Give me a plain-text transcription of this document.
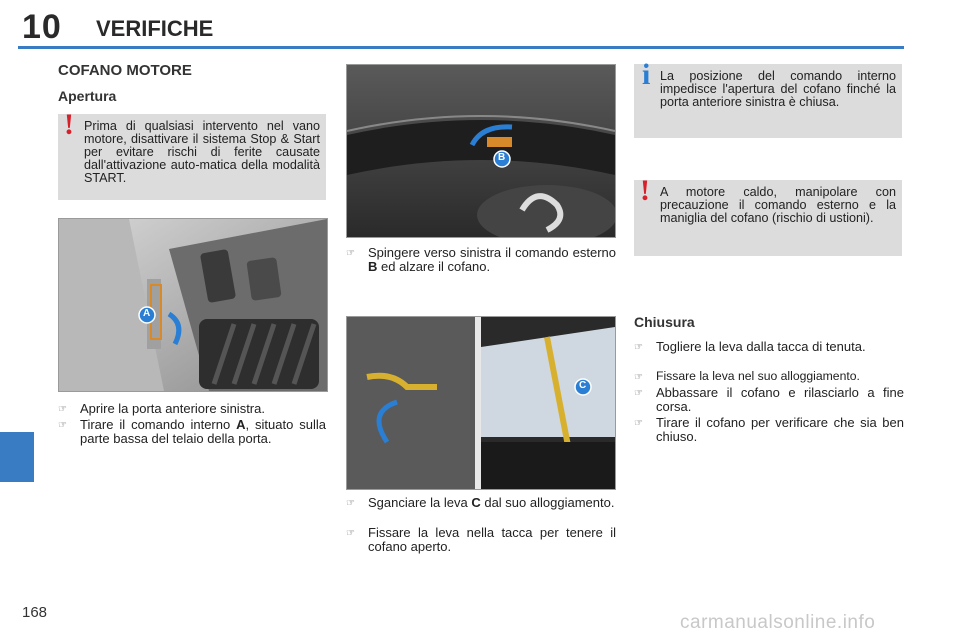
10 VERIFICHE
COFANO MOTORE
Apertura
! Prima di qualsiasi intervento nel vano motore, disattivare il sistema Stop & Start per evitare rischi di ferite causate dall'attivazione auto-matica della modalità START.
A
☞	Aprire la porta anteriore sinistra.
☞	Tirare il comando interno A, situato sulla parte bassa del telaio della porta.
B
☞	Spingere verso sinistra il comando esterno B ed alzare il cofano.
C
☞	Sganciare la leva C dal suo alloggiamento.
☞	Fissare la leva nella tacca per tenere il cofano aperto.
i La posizione del comando interno impedisce l'apertura del cofano finché la porta anteriore sinistra è chiusa.
! A motore caldo, manipolare con precauzione il comando esterno e la maniglia del cofano (rischio di ustioni).
Chiusura
☞	Togliere la leva dalla tacca di tenuta.
☞	Fissare la leva nel suo alloggiamento.
☞	Abbassare il cofano e rilasciarlo a fine corsa.
☞	Tirare il cofano per verificare che sia ben chiuso.
168	carmanualsonline.info
